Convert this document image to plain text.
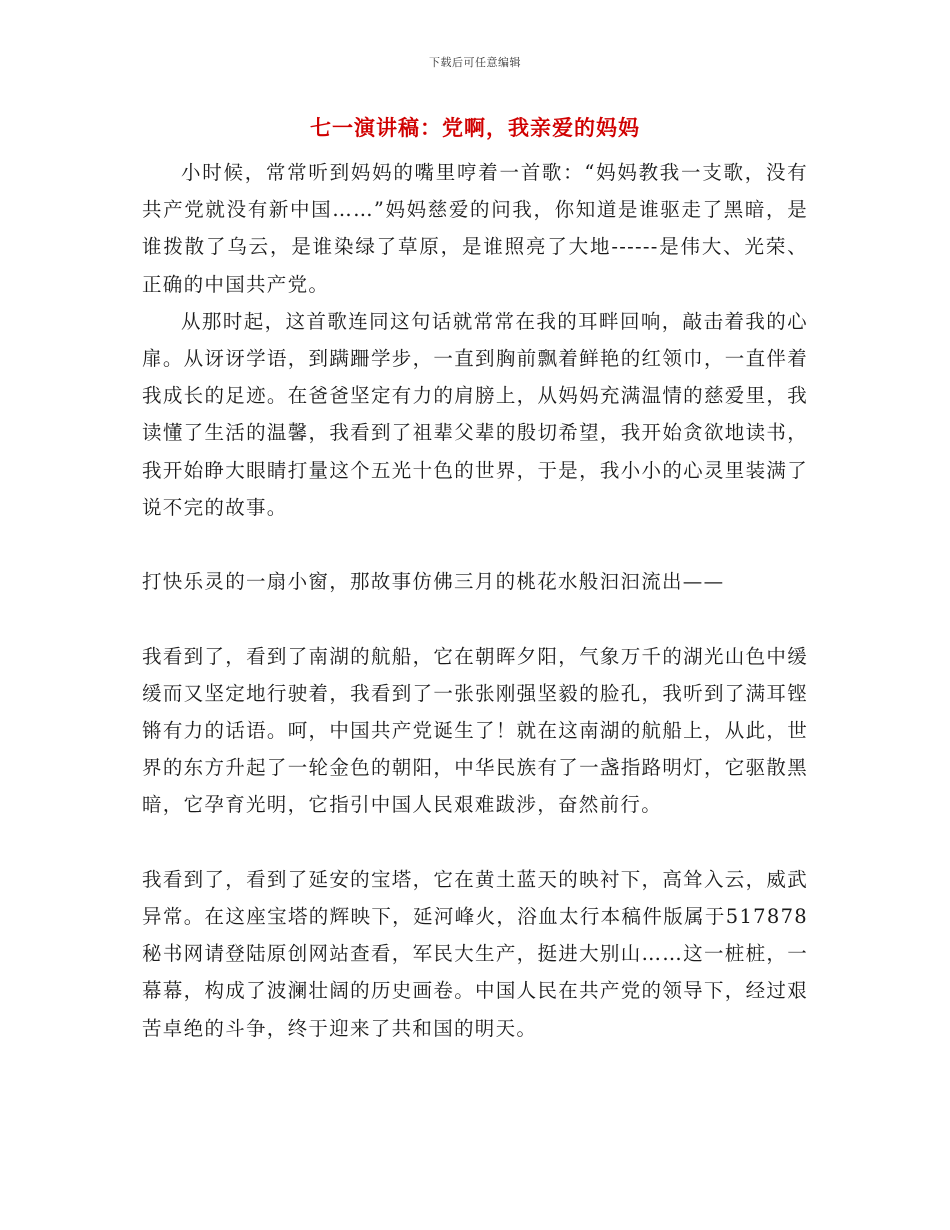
下载后可任意编辑
七一演讲稿：党啊，我亲爱的妈妈

小时候，常常听到妈妈的嘴里哼着一首歌：“妈妈教我一支歌，没有共产党就没有新中国……”妈妈慈爱的问我，你知道是谁驱走了黑暗，是谁拨散了乌云，是谁染绿了草原，是谁照亮了大地------是伟大、光荣、正确的中国共产党。

从那时起，这首歌连同这句话就常常在我的耳畔回响，敲击着我的心扉。从讶讶学语，到蹒跚学步，一直到胸前飘着鲜艳的红领巾，一直伴着我成长的足迹。在爸爸坚定有力的肩膀上，从妈妈充满温情的慈爱里，我读懂了生活的温馨，我看到了祖辈父辈的殷切希望，我开始贪欲地读书，我开始睁大眼睛打量这个五光十色的世界，于是，我小小的心灵里装满了说不完的故事。

打快乐灵的一扇小窗，那故事仿佛三月的桃花水般汩汩流出——

我看到了，看到了南湖的航船，它在朝晖夕阳，气象万千的湖光山色中缓缓而又坚定地行驶着，我看到了一张张刚强坚毅的脸孔，我听到了满耳铿锵有力的话语。呵，中国共产党诞生了！就在这南湖的航船上，从此，世界的东方升起了一轮金色的朝阳，中华民族有了一盏指路明灯，它驱散黑暗，它孕育光明，它指引中国人民艰难跋涉，奋然前行。

我看到了，看到了延安的宝塔，它在黄土蓝天的映衬下，高耸入云，威武异常。在这座宝塔的辉映下，延河峰火，浴血太行本稿件版属于517878秘书网请登陆原创网站查看，军民大生产，挺进大别山……这一桩桩，一幕幕，构成了波澜壮阔的历史画卷。中国人民在共产党的领导下，经过艰苦卓绝的斗争，终于迎来了共和国的明天。
